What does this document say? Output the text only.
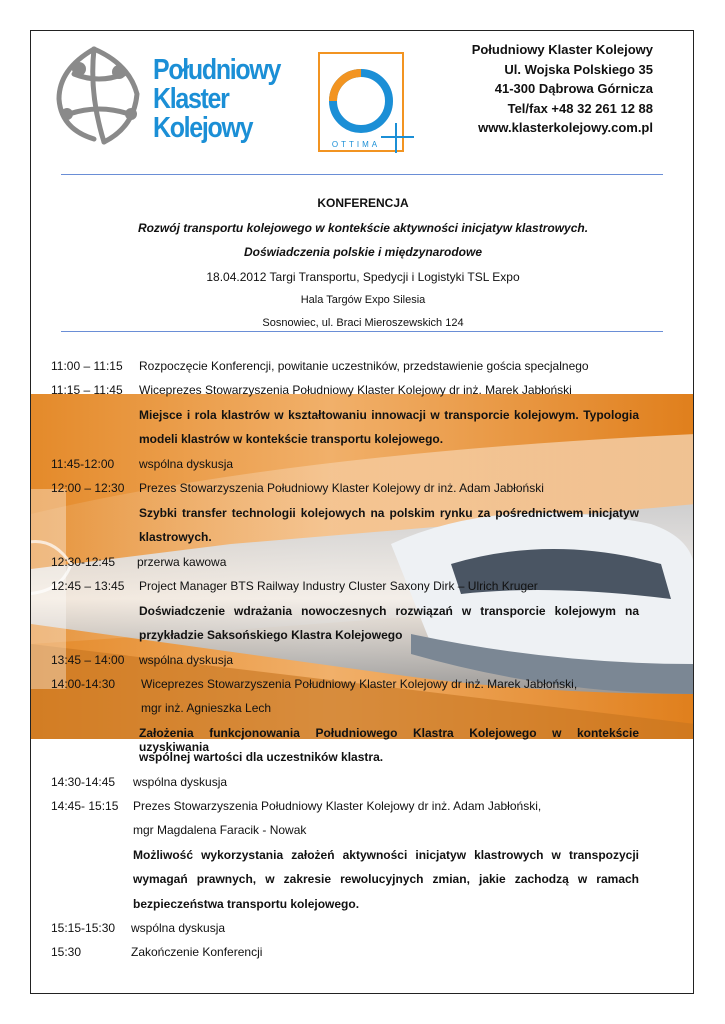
Południowy
Klaster
Kolejowy
OTTIMA
Południowy Klaster Kolejowy
Ul. Wojska Polskiego 35
41-300 Dąbrowa Górnicza
Tel/fax +48 32 261 12 88
www.klasterkolejowy.com.pl
KONFERENCJA
Rozwój transportu kolejowego w kontekście aktywności inicjatyw klastrowych.
Doświadczenia polskie i międzynarodowe
18.04.2012 Targi Transportu, Spedycji i Logistyki TSL Expo
Hala Targów Expo Silesia
Sosnowiec, ul. Braci Mieroszewskich 124
11:00 – 11:15 Rozpoczęcie Konferencji, powitanie uczestników, przedstawienie gościa specjalnego
11:15 – 11:45 Wiceprezes Stowarzyszenia Południowy Klaster Kolejowy dr inż. Marek Jabłoński
Miejsce i rola klastrów w kształtowaniu innowacji w transporcie kolejowym. Typologia
modeli klastrów w kontekście transportu kolejowego.
11:45-12:00 wspólna dyskusja
12:00 – 12:30 Prezes Stowarzyszenia Południowy Klaster Kolejowy dr inż. Adam Jabłoński
Szybki transfer technologii kolejowych na polskim rynku za pośrednictwem inicjatyw
klastrowych.
12:30-12:45 przerwa kawowa
12:45 – 13:45 Project Manager BTS Railway Industry Cluster Saxony Dirk – Ulrich Kruger
Doświadczenie wdrażania nowoczesnych rozwiązań w transporcie kolejowym na
przykładzie Saksońskiego Klastra Kolejowego
13:45 – 14:00 wspólna dyskusja
14:00-14:30 Wiceprezes Stowarzyszenia Południowy Klaster Kolejowy dr inż. Marek Jabłoński,
mgr inż. Agnieszka Lech
Założenia funkcjonowania Południowego Klastra Kolejowego w kontekście uzyskiwania
wspólnej wartości dla uczestników klastra.
14:30-14:45 wspólna dyskusja
14:45- 15:15 Prezes Stowarzyszenia Południowy Klaster Kolejowy dr inż. Adam Jabłoński,
mgr Magdalena Faracik - Nowak
Możliwość wykorzystania założeń aktywności inicjatyw klastrowych w transpozycji
wymagań prawnych, w zakresie rewolucyjnych zmian, jakie zachodzą w ramach
bezpieczeństwa transportu kolejowego.
15:15-15:30 wspólna dyskusja
15:30	Zakończenie Konferencji
